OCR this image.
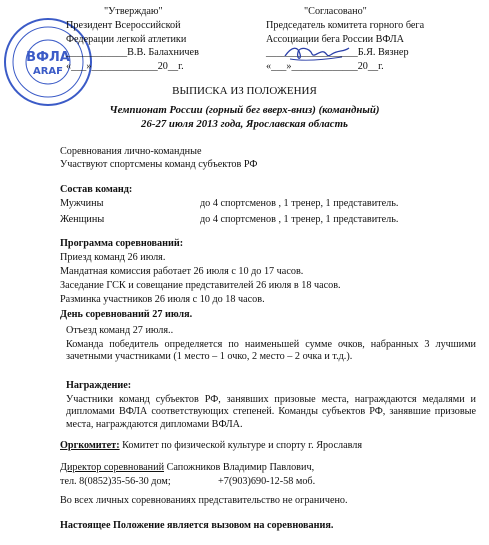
ВФЛА
ARAF
"Утверждаю"
Президент Всероссийской
Федерации легкой атлетики
____________В.В. Балахничев
«___»_____________20__г.
"Согласовано"
Председатель комитета горного бега
Ассоциации бега России ВФЛА
__________________Б.Я. Вязнер
«___»_____________20__г.
ВЫПИСКА ИЗ ПОЛОЖЕНИЯ
Чемпионат России (горный бег вверх-вниз) (командный)
26-27 июля 2013 года, Ярославская область
Соревнования лично-командные
Участвуют спортсмены команд субъектов РФ
Состав команд:
Мужчины	до 4 спортсменов , 1 тренер, 1 представитель.
Женщины	до 4 спортсменов , 1 тренер, 1 представитель.
Программа соревнований:
Приезд команд 26 июля.
Мандатная комиссия работает 26 июля с 10 до 17 часов.
Заседание ГСК и совещание представителей 26 июля в 18 часов.
Разминка участников 26 июля с 10 до 18 часов.
День соревнований 27 июля.
Отъезд команд 27 июля..
Команда победитель определяется по наименьшей сумме очков, набранных 3 лучшими зачетными участниками (1 место – 1 очко, 2 место – 2 очка и т.д.).
Награждение:
Участники команд субъектов РФ, занявших призовые места, награждаются медалями и дипломами ВФЛА соответствующих степеней. Команды субъектов РФ, занявшие призовые места, награждаются дипломами ВФЛА.
Оргкомитет: Комитет по физической культуре и спорту г. Ярославля
Директор соревнований Сапожников Владимир Павлович,
тел. 8(0852)35-56-30 дом;	+7(903)690-12-58 моб.
Во всех личных соревнованиях представительство не ограничено.
Настоящее Положение является вызовом на соревнования.
